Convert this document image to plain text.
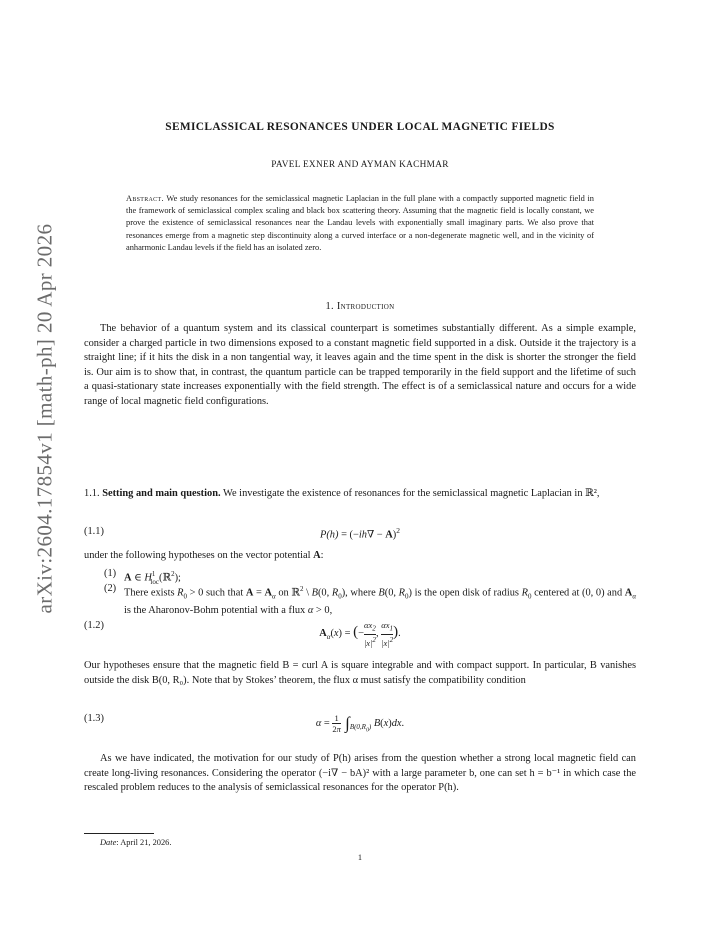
arXiv:2604.17854v1 [math-ph] 20 Apr 2026
SEMICLASSICAL RESONANCES UNDER LOCAL MAGNETIC FIELDS
PAVEL EXNER AND AYMAN KACHMAR
Abstract. We study resonances for the semiclassical magnetic Laplacian in the full plane with a compactly supported magnetic field in the framework of semiclassical complex scaling and black box scattering theory. Assuming that the magnetic field is locally constant, we prove the existence of semiclassical resonances near the Landau levels with exponentially small imaginary parts. We also prove that resonances emerge from a magnetic step discontinuity along a curved interface or a non-degenerate magnetic well, and in the vicinity of anharmonic Landau levels if the field has an isolated zero.
1. Introduction
The behavior of a quantum system and its classical counterpart is sometimes substantially different. As a simple example, consider a charged particle in two dimensions exposed to a constant magnetic field supported in a disk. Outside it the trajectory is a straight line; if it hits the disk in a non tangential way, it leaves again and the time spent in the disk is shorter the stronger the field is. Our aim is to show that, in contrast, the quantum particle can be trapped temporarily in the field support and the lifetime of such a quasi-stationary state increases exponentially with the field strength. The effect is of a semiclassical nature and occurs for a wide range of local magnetic field configurations.
1.1. Setting and main question. We investigate the existence of resonances for the semiclassical magnetic Laplacian in ℝ²,
(1.1)	$P(h) = (-ih\nabla - A)^2$
under the following hypotheses on the vector potential A:
(1) A ∈ $H^1_{loc}(ℝ^2)$;
(2) There exists $R_0 > 0$ such that $A = A_\alpha$ on ℝ$^2$ \ B(0, $R_0$), where B(0, $R_0$) is the open disk of radius $R_0$ centered at (0, 0) and $A_\alpha$ is the Aharonov-Bohm potential with a flux α > 0,
(1.2)
$A_\alpha(x)$ = (− $\frac{\alpha x_2}{|x|^2}$ , $\frac{\alpha x_1}{|x|^2}$ ).
Our hypotheses ensure that the magnetic field B = curl A is square integrable and with compact support. In particular, B vanishes outside the disk B(0, R₀). Note that by Stokes’ theorem, the flux α must satisfy the compatibility condition
(1.3)	$\alpha = \frac{1}{2\pi} \int_{B(0,R_0)}$ B(x)dx.
As we have indicated, the motivation for our study of P(h) arises from the question whether a strong local magnetic field can create long-living resonances. Considering the operator (−i∇ − bA)² with a large parameter b, one can set h = b⁻¹ in which case the rescaled problem reduces to the analysis of semiclassical resonances for the operator P(h).
Date: April 21, 2026.
1
